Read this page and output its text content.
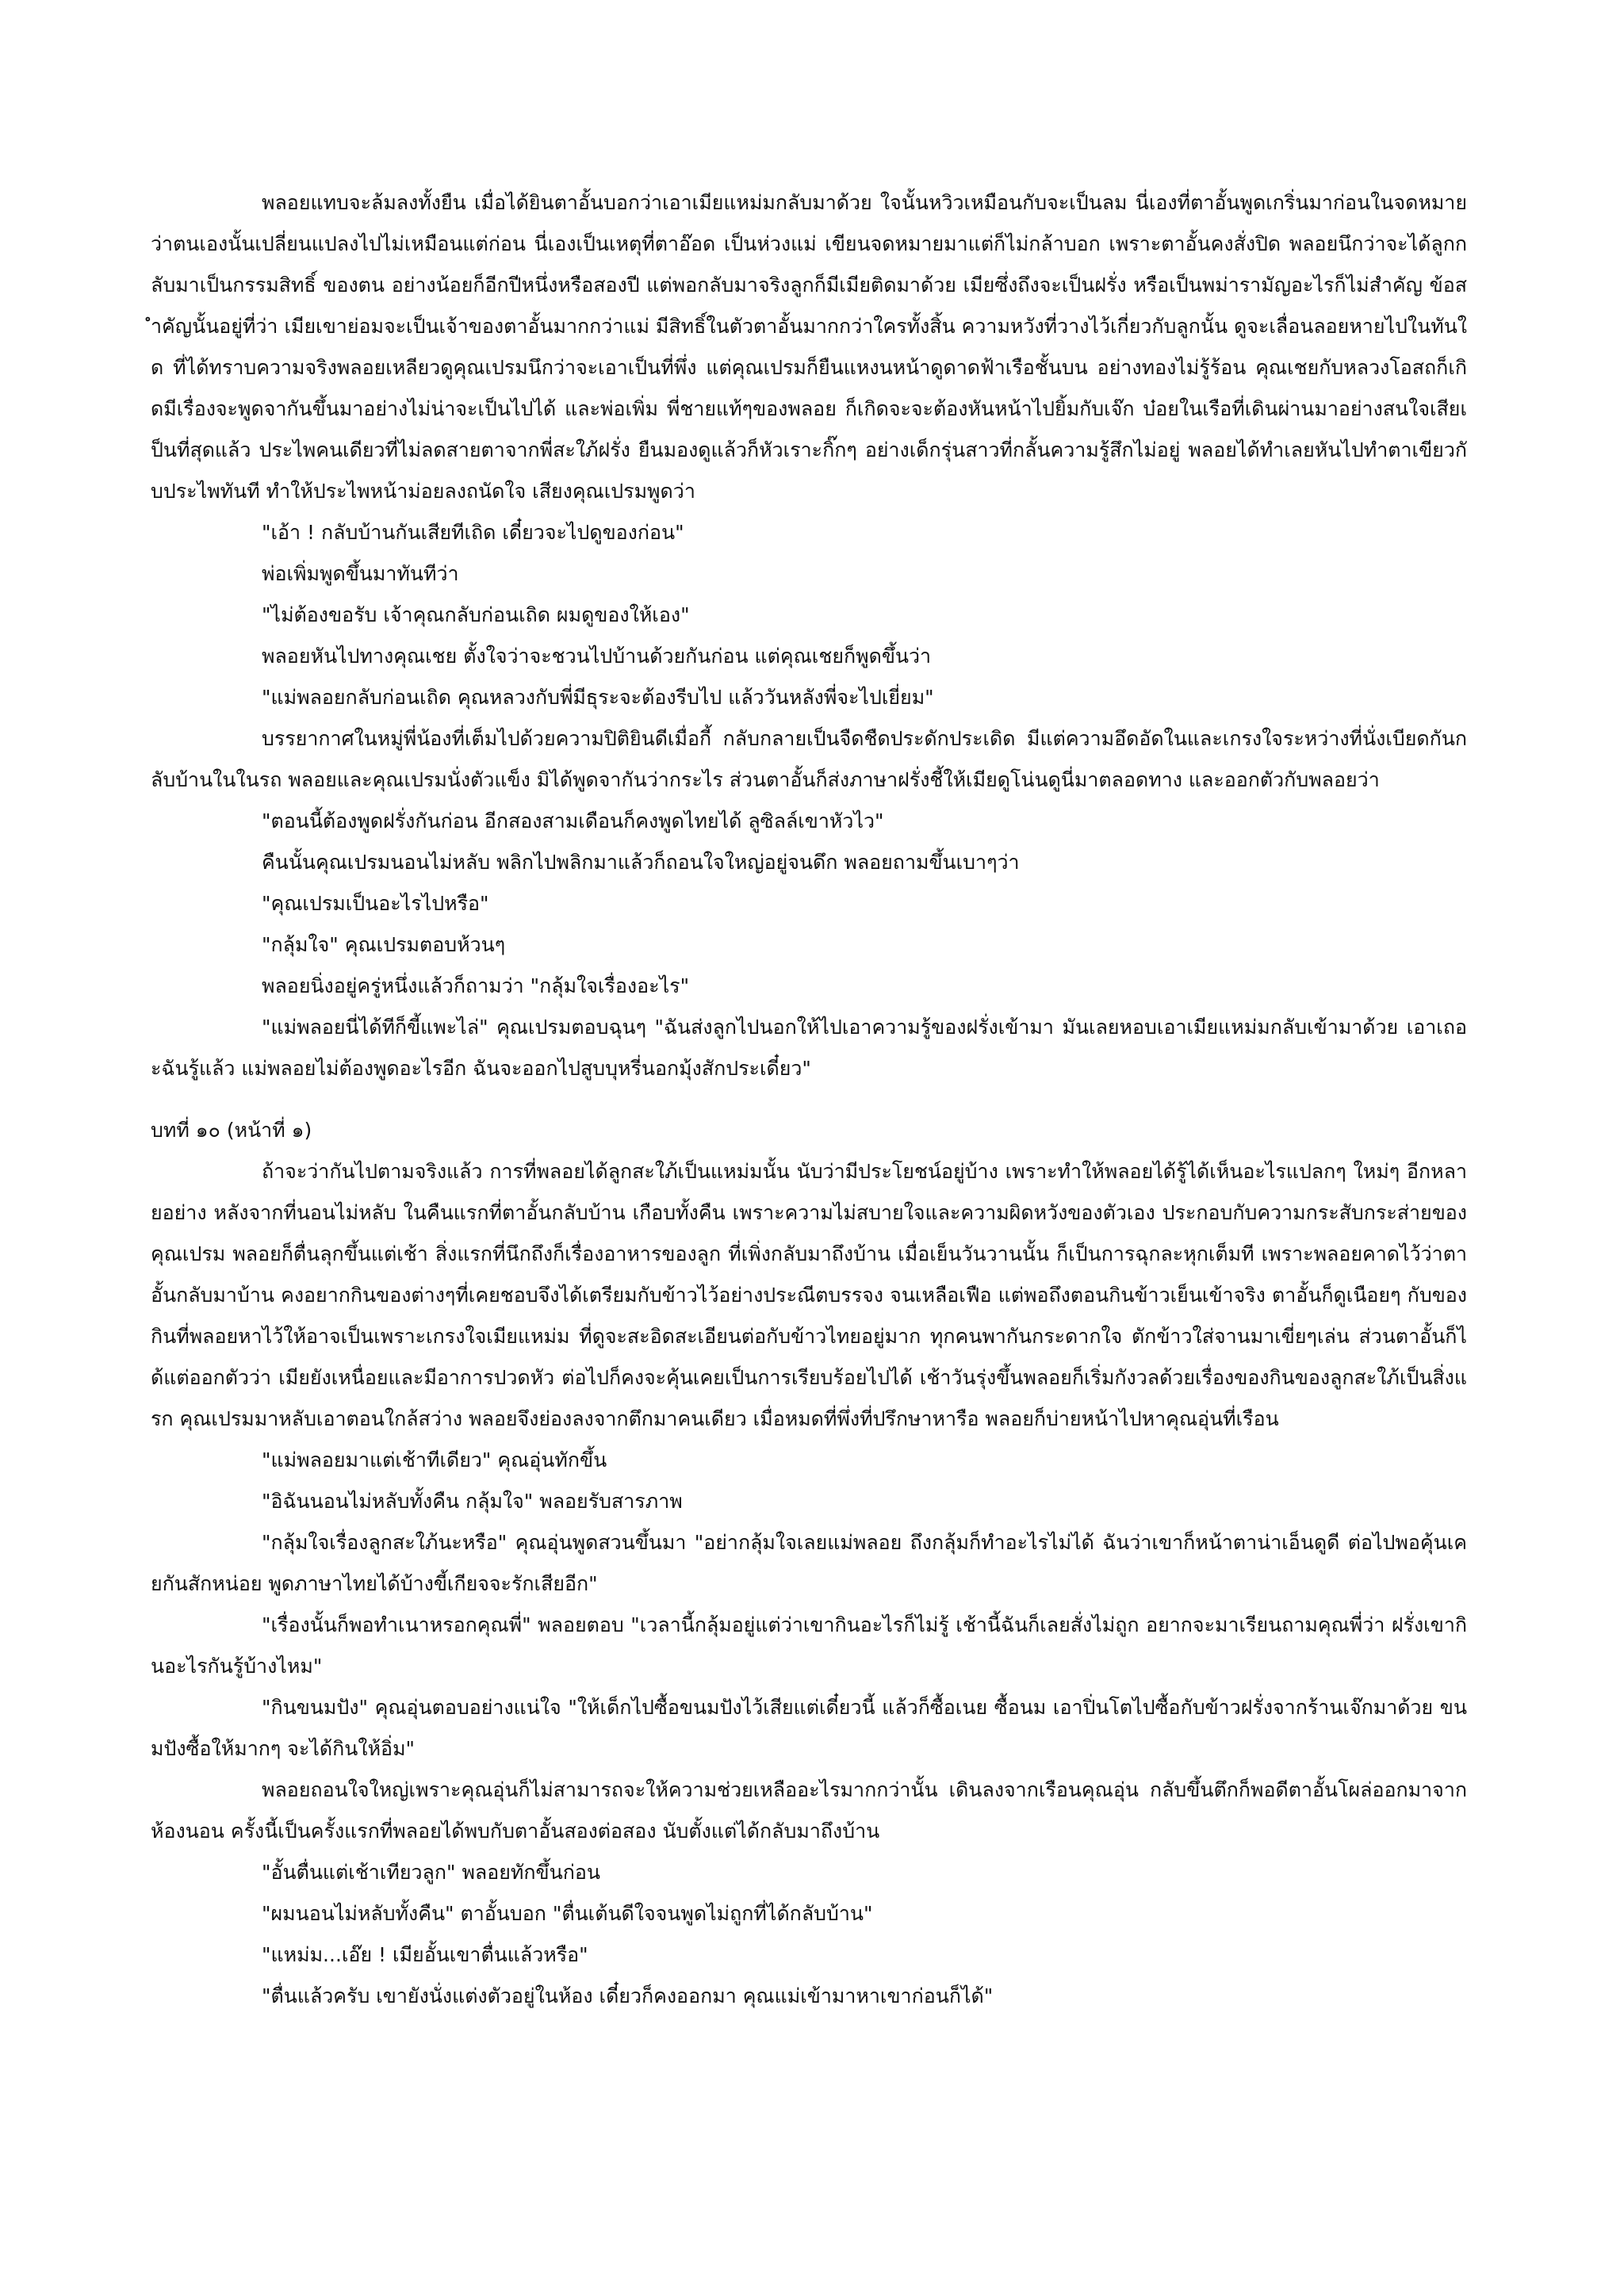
พลอยแทบจะล้มลงทั้งยืน เมื่อได้ยินตาอั้นบอกว่าเอาเมียแหม่มกลับมาด้วย ใจนั้นหวิวเหมือนกับจะเป็นลม นี่เองที่ตาอั้นพูดเกริ่นมาก่อนในจดหมาย ว่าตนเองนั้นเปลี่ยนแปลงไปไม่เหมือนแต่ก่อน นี่เองเป็นเหตุที่ตาอ๊อด เป็นห่วงแม่ เขียนจดหมายมาแต่ก็ไม่กล้าบอก เพราะตาอั้นคงสั่งปิด พลอยนึกว่าจะได้ลูกกลับมาเป็นกรรมสิทธิ์ ของตน อย่างน้อยก็อีกปีหนึ่งหรือสองปี แต่พอกลับมาจริงลูกก็มีเมียติดมาด้วย เมียซึ่งถึงจะเป็นฝรั่ง หรือเป็นพม่ารามัญอะไรก็ไม่สำคัญ ข้อสำคัญนั้นอยู่ที่ว่า เมียเขาย่อมจะเป็นเจ้าของตาอั้นมากกว่าแม่ มีสิทธิ์ในตัวตาอั้นมากกว่าใครทั้งสิ้น ความหวังที่วางไว้เกี่ยวกับลูกนั้น ดูจะเลื่อนลอยหายไปในทันใด ที่ได้ทราบความจริงพลอยเหลียวดูคุณเปรมนึกว่าจะเอาเป็นที่พึ่ง แต่คุณเปรมก็ยืนแหงนหน้าดูดาดฟ้าเรือชั้นบน อย่างทองไม่รู้ร้อน คุณเชยกับหลวงโอสถก็เกิดมีเรื่องจะพูดจากันขึ้นมาอย่างไม่น่าจะเป็นไปได้ และพ่อเพิ่ม พี่ชายแท้ๆของพลอย ก็เกิดจะจะต้องหันหน้าไปยิ้มกับเจ๊ก บ๋อยในเรือที่เดินผ่านมาอย่างสนใจเสียเป็นที่สุดแล้ว ประไพคนเดียวที่ไม่ลดสายตาจากพี่สะใภ้ฝรั่ง ยืนมองดูแล้วก็หัวเราะกิ๊กๆ อย่างเด็กรุ่นสาวที่กลั้นความรู้สึกไม่อยู่ พลอยได้ทำเลยหันไปทำตาเขียวกับประไพทันที ทำให้ประไพหน้าม่อยลงถนัดใจ เสียงคุณเปรมพูดว่า

"เอ้า ! กลับบ้านกันเสียทีเถิด เดี๋ยวจะไปดูของก่อน"

พ่อเพิ่มพูดขึ้นมาทันทีว่า

"ไม่ต้องขอรับ เจ้าคุณกลับก่อนเถิด ผมดูของให้เอง"

พลอยหันไปทางคุณเชย ตั้งใจว่าจะชวนไปบ้านด้วยกันก่อน แต่คุณเชยก็พูดขึ้นว่า

"แม่พลอยกลับก่อนเถิด คุณหลวงกับพี่มีธุระจะต้องรีบไป แล้ววันหลังพี่จะไปเยี่ยม"

บรรยากาศในหมู่พี่น้องที่เต็มไปด้วยความปิติยินดีเมื่อกี้ กลับกลายเป็นจืดชืดประดักประเดิด มีแต่ความอึดอัดในและเกรงใจระหว่างที่นั่งเบียดกันกลับบ้านในในรถ พลอยและคุณเปรมนั่งตัวแข็ง มิได้พูดจากันว่ากระไร ส่วนตาอั้นก็ส่งภาษาฝรั่งชี้ให้เมียดูโน่นดูนี่มาตลอดทาง และออกตัวกับพลอยว่า

"ตอนนี้ต้องพูดฝรั่งกันก่อน อีกสองสามเดือนก็คงพูดไทยได้ ลูซิลล์เขาหัวไว"

คืนนั้นคุณเปรมนอนไม่หลับ พลิกไปพลิกมาแล้วก็ถอนใจใหญ่อยู่จนดึก พลอยถามขึ้นเบาๆว่า

"คุณเปรมเป็นอะไรไปหรือ"

"กลุ้มใจ" คุณเปรมตอบห้วนๆ

พลอยนิ่งอยู่ครู่หนึ่งแล้วก็ถามว่า "กลุ้มใจเรื่องอะไร"

"แม่พลอยนี่ได้ทีก็ขี้แพะไล่" คุณเปรมตอบฉุนๆ "ฉันส่งลูกไปนอกให้ไปเอาความรู้ของฝรั่งเข้ามา มันเลยหอบเอาเมียแหม่มกลับเข้ามาด้วย เอาเถอะฉันรู้แล้ว แม่พลอยไม่ต้องพูดอะไรอีก ฉันจะออกไปสูบบุหรี่นอกมุ้งสักประเดี๋ยว"

บทที่ ๑๐ (หน้าที่ ๑)

ถ้าจะว่ากันไปตามจริงแล้ว การที่พลอยได้ลูกสะใภ้เป็นแหม่มนั้น นับว่ามีประโยชน์อยู่บ้าง เพราะทำให้พลอยได้รู้ได้เห็นอะไรแปลกๆ ใหม่ๆ อีกหลายอย่าง หลังจากที่นอนไม่หลับ ในคืนแรกที่ตาอั้นกลับบ้าน เกือบทั้งคืน เพราะความไม่สบายใจและความผิดหวังของตัวเอง ประกอบกับความกระสับกระส่ายของคุณเปรม พลอยก็ตื่นลุกขึ้นแต่เช้า สิ่งแรกที่นึกถึงก็เรื่องอาหารของลูก ที่เพิ่งกลับมาถึงบ้าน เมื่อเย็นวันวานนั้น ก็เป็นการฉุกละหุกเต็มที เพราะพลอยคาดไว้ว่าตาอั้นกลับมาบ้าน คงอยากกินของต่างๆที่เคยชอบจึงได้เตรียมกับข้าวไว้อย่างประณีตบรรจง จนเหลือเฟือ แต่พอถึงตอนกินข้าวเย็นเข้าจริง ตาอั้นก็ดูเนือยๆ กับของกินที่พลอยหาไว้ให้อาจเป็นเพราะเกรงใจเมียแหม่ม ที่ดูจะสะอิดสะเอียนต่อกับข้าวไทยอยู่มาก ทุกคนพากันกระดากใจ ตักข้าวใส่จานมาเขี่ยๆเล่น ส่วนตาอั้นก็ได้แต่ออกตัวว่า เมียยังเหนื่อยและมีอาการปวดหัว ต่อไปก็คงจะคุ้นเคยเป็นการเรียบร้อยไปได้ เช้าวันรุ่งขึ้นพลอยก็เริ่มกังวลด้วยเรื่องของกินของลูกสะใภ้เป็นสิ่งแรก คุณเปรมมาหลับเอาตอนใกล้สว่าง พลอยจึงย่องลงจากตึกมาคนเดียว เมื่อหมดที่พึ่งที่ปรึกษาหารือ พลอยก็บ่ายหน้าไปหาคุณอุ่นที่เรือน

"แม่พลอยมาแต่เช้าทีเดียว" คุณอุ่นทักขึ้น

"อิฉันนอนไม่หลับทั้งคืน กลุ้มใจ" พลอยรับสารภาพ

"กลุ้มใจเรื่องลูกสะใภ้นะหรือ" คุณอุ่นพูดสวนขึ้นมา "อย่ากลุ้มใจเลยแม่พลอย ถึงกลุ้มก็ทำอะไรไม่ได้ ฉันว่าเขาก็หน้าตาน่าเอ็นดูดี ต่อไปพอคุ้นเคยกันสักหน่อย พูดภาษาไทยได้บ้างขี้เกียจจะรักเสียอีก"

"เรื่องนั้นก็พอทำเนาหรอกคุณพี่" พลอยตอบ "เวลานี้กลุ้มอยู่แต่ว่าเขากินอะไรก็ไม่รู้ เช้านี้ฉันก็เลยสั่งไม่ถูก อยากจะมาเรียนถามคุณพี่ว่า ฝรั่งเขากินอะไรกันรู้บ้างไหม"

"กินขนมปัง" คุณอุ่นตอบอย่างแน่ใจ "ให้เด็กไปซื้อขนมปังไว้เสียแต่เดี๋ยวนี้ แล้วก็ซื้อเนย ซื้อนม เอาปิ่นโตไปซื้อกับข้าวฝรั่งจากร้านเจ๊กมาด้วย ขนมปังซื้อให้มากๆ จะได้กินให้อิ่ม"

พลอยถอนใจใหญ่เพราะคุณอุ่นก็ไม่สามารถจะให้ความช่วยเหลืออะไรมากกว่านั้น เดินลงจากเรือนคุณอุ่น กลับขึ้นตึกก็พอดีตาอั้นโผล่ออกมาจากห้องนอน ครั้งนี้เป็นครั้งแรกที่พลอยได้พบกับตาอั้นสองต่อสอง นับตั้งแต่ได้กลับมาถึงบ้าน

"อั้นตื่นแต่เช้าเทียวลูก" พลอยทักขึ้นก่อน

"ผมนอนไม่หลับทั้งคืน" ตาอั้นบอก "ตื่นเต้นดีใจจนพูดไม่ถูกที่ได้กลับบ้าน"

"แหม่ม...เอ๊ย ! เมียอั้นเขาตื่นแล้วหรือ"

"ตื่นแล้วครับ เขายังนั่งแต่งตัวอยู่ในห้อง เดี๋ยวก็คงออกมา คุณแม่เข้ามาหาเขาก่อนก็ได้"
